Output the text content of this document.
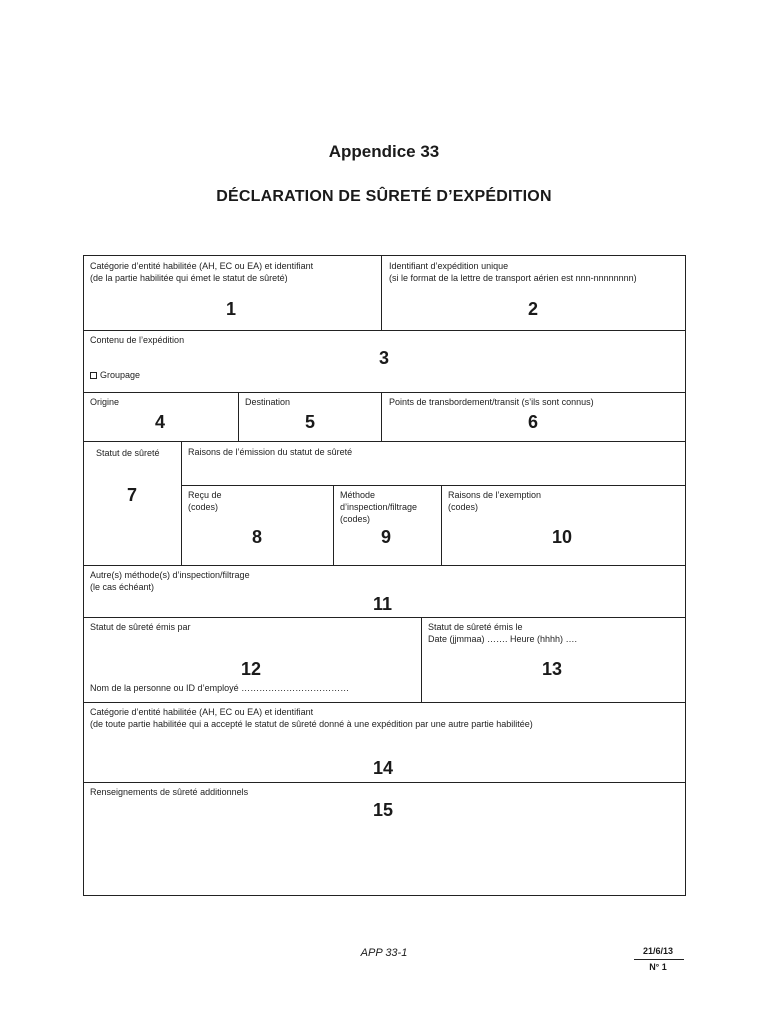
Appendice 33
DÉCLARATION DE SÛRETÉ D’EXPÉDITION
Catégorie d’entité habilitée (AH, EC ou EA) et identifiant
(de la partie habilitée qui émet le statut de sûreté)
1
Identifiant d’expédition unique
(si le format de la lettre de transport aérien est nnn-nnnnnnnn)
2
Contenu de l’expédition
3
Groupage
Origine
4
Destination
5
Points de transbordement/transit (s’ils sont connus)
6
Statut de sûreté
7
Raisons de l’émission du statut de sûreté
Reçu de
(codes)
8
Méthode
d’inspection/filtrage
(codes)
9
Raisons de l’exemption
(codes)
10
Autre(s) méthode(s) d’inspection/filtrage
(le cas échéant)
11
Statut de sûreté émis par
12
Nom de la personne ou ID d’employé ………………………………
Statut de sûreté émis le
Date (jjmmaa) ……. Heure (hhhh) ….
13
Catégorie d’entité habilitée (AH, EC ou EA) et identifiant
(de toute partie habilitée qui a accepté le statut de sûreté donné à une expédition par une autre partie habilitée)
14
Renseignements de sûreté additionnels
15
APP 33-1	21/6/13
N° 1
